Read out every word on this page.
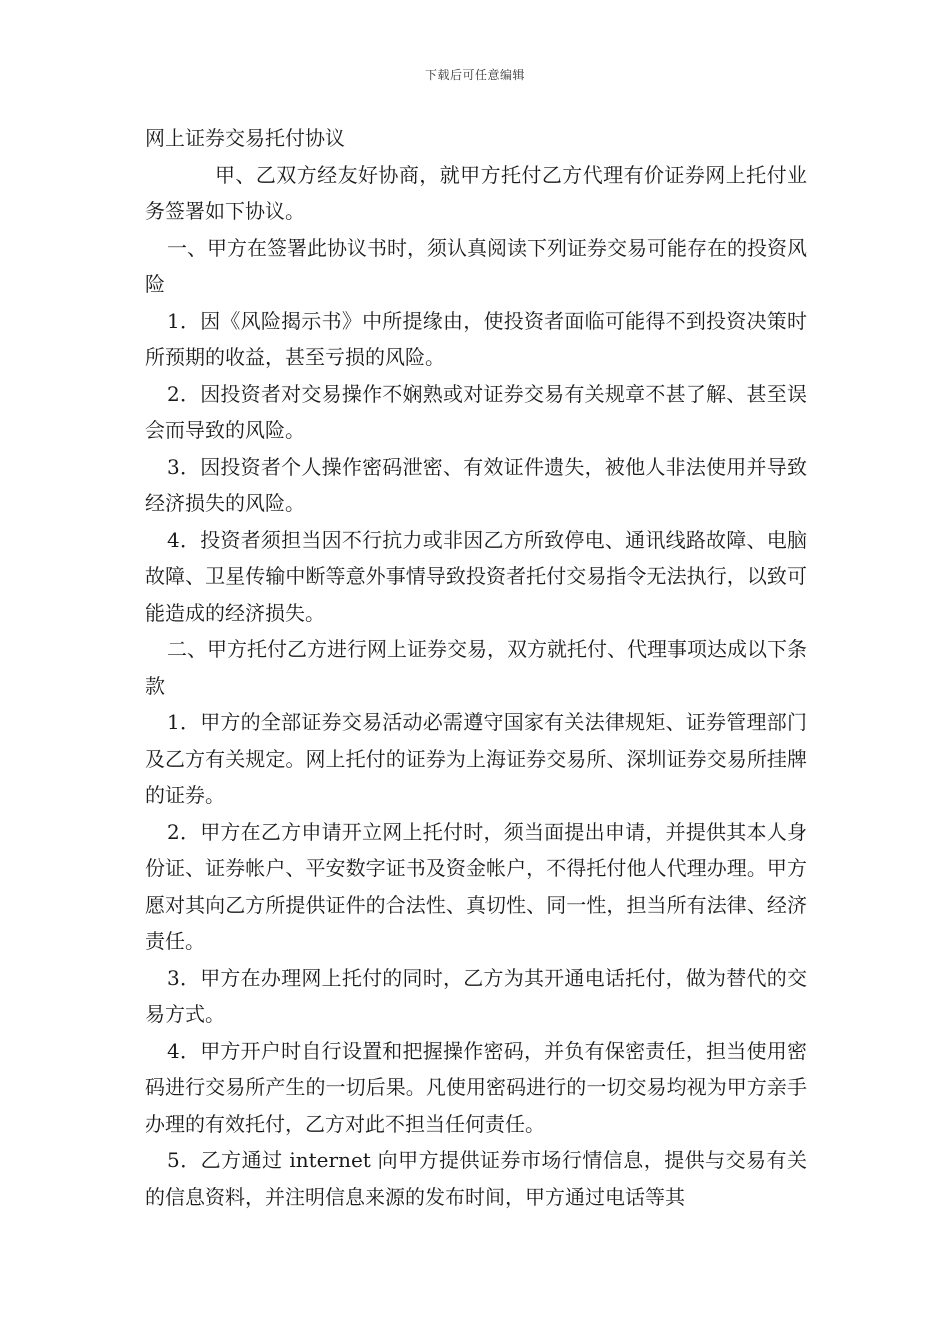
下载后可任意编辑
网上证券交易托付协议

甲、乙双方经友好协商，就甲方托付乙方代理有价证券网上托付业务签署如下协议。

一、甲方在签署此协议书时，须认真阅读下列证券交易可能存在的投资风险

1．因《风险揭示书》中所提缘由，使投资者面临可能得不到投资决策时所预期的收益，甚至亏损的风险。

2．因投资者对交易操作不娴熟或对证券交易有关规章不甚了解、甚至误会而导致的风险。

3．因投资者个人操作密码泄密、有效证件遗失，被他人非法使用并导致经济损失的风险。

4．投资者须担当因不行抗力或非因乙方所致停电、通讯线路故障、电脑故障、卫星传输中断等意外事情导致投资者托付交易指令无法执行，以致可能造成的经济损失。

二、甲方托付乙方进行网上证券交易，双方就托付、代理事项达成以下条款

1．甲方的全部证券交易活动必需遵守国家有关法律规矩、证券管理部门及乙方有关规定。网上托付的证券为上海证券交易所、深圳证券交易所挂牌的证券。

2．甲方在乙方申请开立网上托付时，须当面提出申请，并提供其本人身份证、证券帐户、平安数字证书及资金帐户，不得托付他人代理办理。甲方愿对其向乙方所提供证件的合法性、真切性、同一性，担当所有法律、经济责任。

3．甲方在办理网上托付的同时，乙方为其开通电话托付，做为替代的交易方式。

4．甲方开户时自行设置和把握操作密码，并负有保密责任，担当使用密码进行交易所产生的一切后果。凡使用密码进行的一切交易均视为甲方亲手办理的有效托付，乙方对此不担当任何责任。

5．乙方通过 internet 向甲方提供证券市场行情信息，提供与交易有关的信息资料，并注明信息来源的发布时间，甲方通过电话等其
